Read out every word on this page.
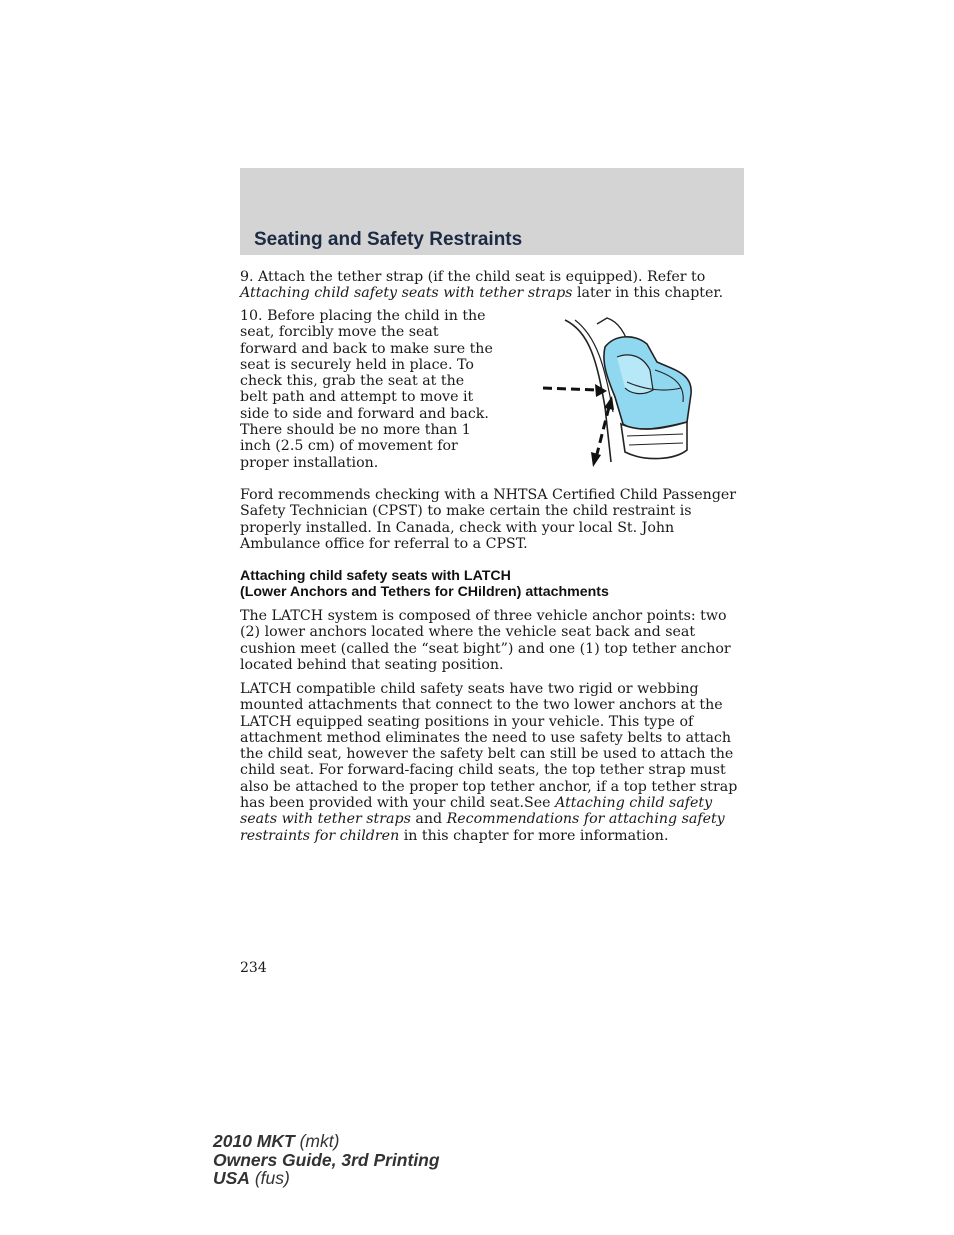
Seating and Safety Restraints

9. Attach the tether strap (if the child seat is equipped). Refer to Attaching child safety seats with tether straps later in this chapter.

10. Before placing the child in the seat, forcibly move the seat forward and back to make sure the seat is securely held in place. To check this, grab the seat at the belt path and attempt to move it side to side and forward and back. There should be no more than 1 inch (2.5 cm) of movement for proper installation.

Ford recommends checking with a NHTSA Certified Child Passenger Safety Technician (CPST) to make certain the child restraint is properly installed. In Canada, check with your local St. John Ambulance office for referral to a CPST.

Attaching child safety seats with LATCH
(Lower Anchors and Tethers for CHildren) attachments

The LATCH system is composed of three vehicle anchor points: two (2) lower anchors located where the vehicle seat back and seat cushion meet (called the “seat bight”) and one (1) top tether anchor located behind that seating position.

LATCH compatible child safety seats have two rigid or webbing mounted attachments that connect to the two lower anchors at the LATCH equipped seating positions in your vehicle. This type of attachment method eliminates the need to use safety belts to attach the child seat, however the safety belt can still be used to attach the child seat. For forward-facing child seats, the top tether strap must also be attached to the proper top tether anchor, if a top tether strap has been provided with your child seat.See Attaching child safety seats with tether straps and Recommendations for attaching safety restraints for children in this chapter for more information.

234
2010 MKT (mkt)
Owners Guide, 3rd Printing
USA (fus)
